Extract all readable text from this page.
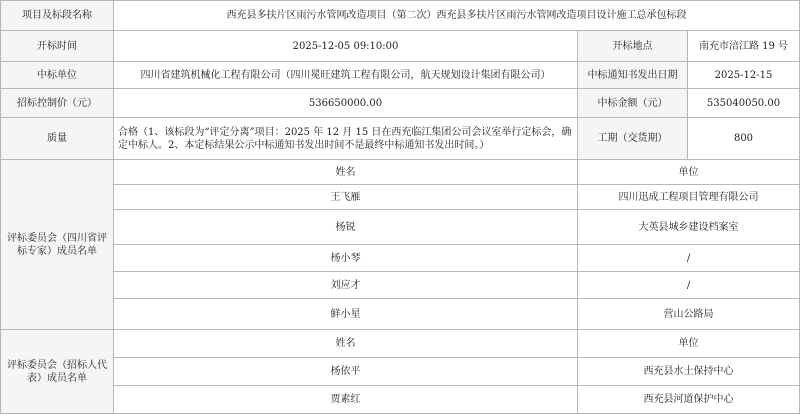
项目及标段名称	西充县多扶片区雨污水管网改造项目（第二次）西充县多扶片区雨污水管网改造项目设计施工总承包标段		
开标时间	2025-12-05 09:10:00	开标地点	南充市涪江路 19 号
中标单位	四川省建筑机械化工程有限公司（四川冕旺建筑工程有限公司，航天规划设计集团有限公司）	中标通知书发出日期	2025-12-15
招标控制价（元）	536650000.00	中标金额（元）	535040050.00
质量	合格（1、该标段为“评定分离”项目：2025 年 12 月 15 日在西充临江集团公司会议室举行定标会，确定中标人。2、本定标结果公示中标通知书发出时间不是最终中标通知书发出时间。）	工期（交货期）	800
评标委员会（四川省评标专家）成员名单	姓名	单位	
	王飞雁	四川迅成工程项目管理有限公司	
	杨锐	大英县城乡建设档案室	
	杨小琴	/	
	刘应才	/	
	鲜小星	营山公路局	
评标委员会（招标人代表）成员名单	姓名	单位	
	杨依平	西充县水土保持中心	
	贾素红	西充县河道保护中心	
